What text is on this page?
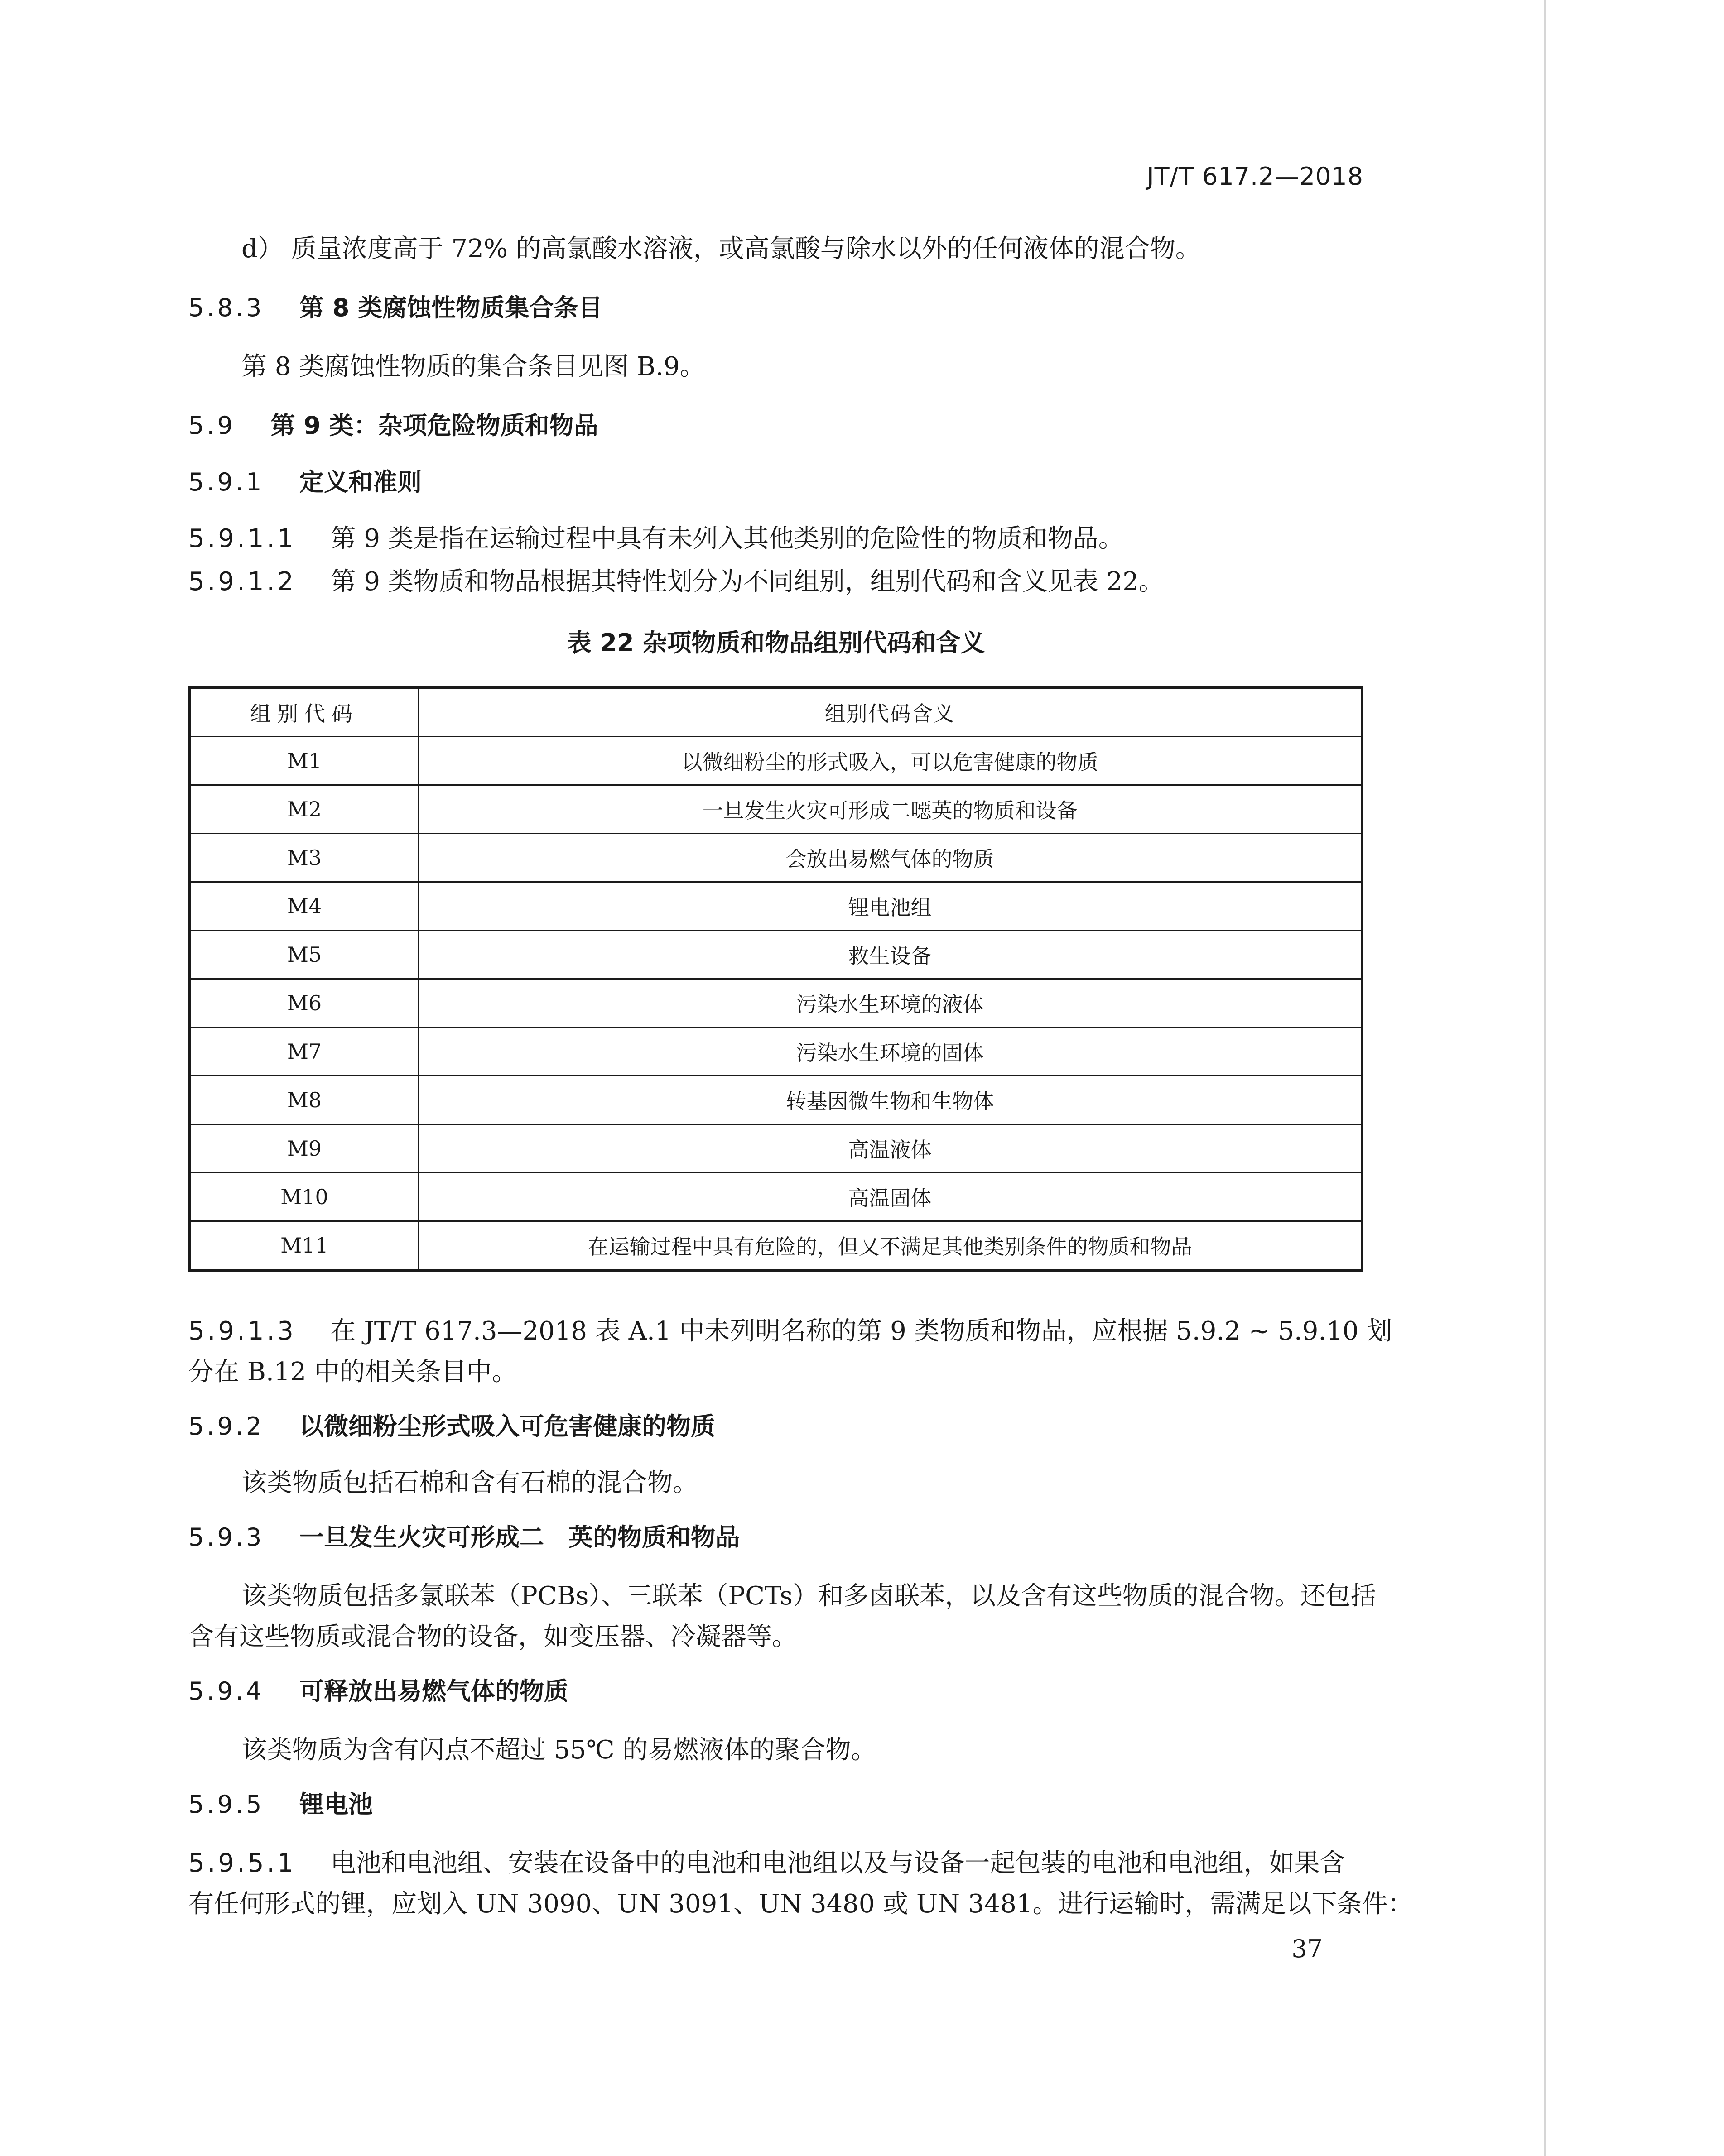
JT/T 617.2—2018
d） 质量浓度高于 72% 的高氯酸水溶液，或高氯酸与除水以外的任何液体的混合物。
5.8.3 第 8 类腐蚀性物质集合条目
第 8 类腐蚀性物质的集合条目见图 B.9。
5.9 第 9 类：杂项危险物质和物品
5.9.1 定义和准则
5.9.1.1 第 9 类是指在运输过程中具有未列入其他类别的危险性的物质和物品。
5.9.1.2 第 9 类物质和物品根据其特性划分为不同组别，组别代码和含义见表 22。
表 22 杂项物质和物品组别代码和含义
组别代码	组别代码含义
M1	以微细粉尘的形式吸入，可以危害健康的物质
M2	一旦发生火灾可形成二噁英的物质和设备
M3	会放出易燃气体的物质
M4	锂电池组
M5	救生设备
M6	污染水生环境的液体
M7	污染水生环境的固体
M8	转基因微生物和生物体
M9	高温液体
M10	高温固体
M11	在运输过程中具有危险的，但又不满足其他类别条件的物质和物品
5.9.1.3 在 JT/T 617.3—2018 表 A.1 中未列明名称的第 9 类物质和物品，应根据 5.9.2 ~ 5.9.10 划
分在 B.12 中的相关条目中。
5.9.2 以微细粉尘形式吸入可危害健康的物质
该类物质包括石棉和含有石棉的混合物。
5.9.3 一旦发生火灾可形成二　英的物质和物品
该类物质包括多氯联苯（PCBs）、三联苯（PCTs）和多卤联苯，以及含有这些物质的混合物。还包括
含有这些物质或混合物的设备，如变压器、冷凝器等。
5.9.4 可释放出易燃气体的物质
该类物质为含有闪点不超过 55℃ 的易燃液体的聚合物。
5.9.5 锂电池
5.9.5.1 电池和电池组、安装在设备中的电池和电池组以及与设备一起包装的电池和电池组，如果含
有任何形式的锂，应划入 UN 3090、UN 3091、UN 3480 或 UN 3481。进行运输时，需满足以下条件：
37
